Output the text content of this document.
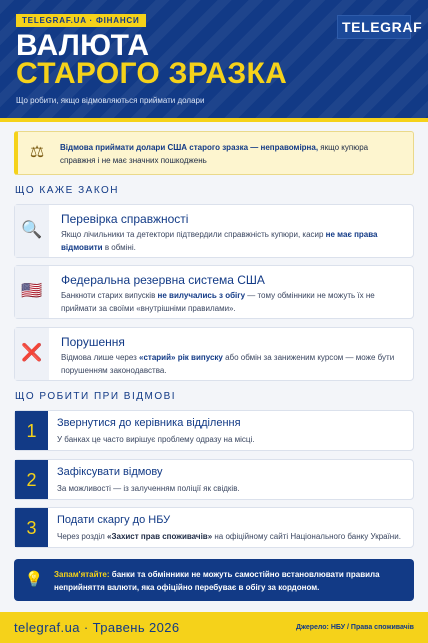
TELEGRAF.UA · ФІНАНСИ	TELEGRAF
ВАЛЮТА
СТАРОГО ЗРАЗКА
Що робити, якщо відмовляються приймати долари
⚖	Відмова приймати долари США старого зразка — неправомірна, якщо купюра справжня і не має значних пошкоджень
ЩО КАЖЕ ЗАКОН
🔍
Перевірка справжності
Якщо лічильники та детектори підтвердили справжність купюри, касир не має права відмовити в обміні.
🇺🇸
Федеральна резервна система США
Банкноти старих випусків не вилучались з обігу — тому обмінники не можуть їх не приймати за своїми «внутрішніми правилами».
❌
Порушення
Відмова лише через «старий» рік випуску або обмін за заниженим курсом — може бути порушенням законодавства.
ЩО РОБИТИ ПРИ ВІДМОВІ
1	Звернутися до керівника відділення
У банках це часто вирішує проблему одразу на місці.
2	Зафіксувати відмову
За можливості — із залученням поліції як свідків.
3	Подати скаргу до НБУ
Через розділ «Захист прав споживачів» на офіційному сайті Національного банку України.
💡 Запам'ятайте: банки та обмінники не можуть самостійно встановлювати правила неприйняття валюти, яка офіційно перебуває в обігу за кордоном.
telegraf.ua · Травень 2026	Джерело: НБУ / Права споживачів
